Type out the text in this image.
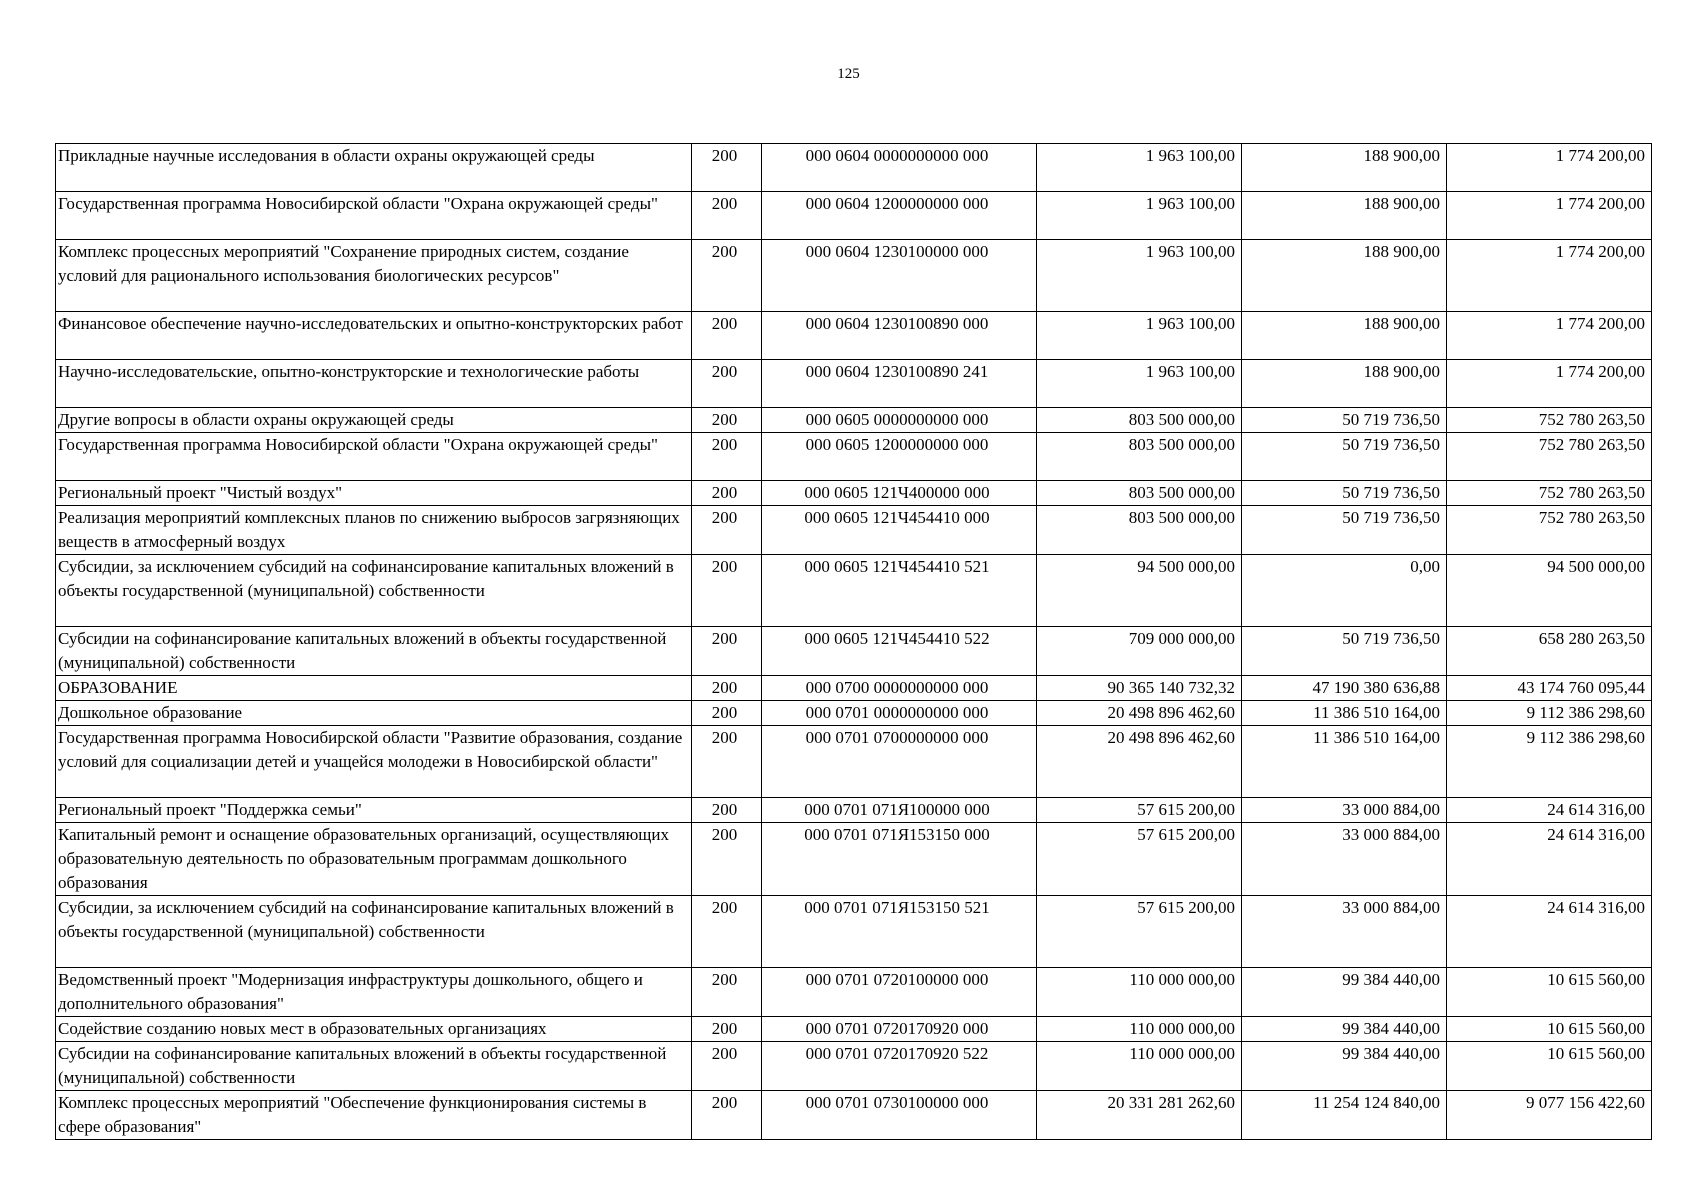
125
Прикладные научные исследования в области охраны окружающей среды	200	000 0604 0000000000 000	1 963 100,00	188 900,00	1 774 200,00
Государственная программа Новосибирской области "Охрана окружающей среды"	200	000 0604 1200000000 000	1 963 100,00	188 900,00	1 774 200,00
Комплекс процессных мероприятий "Сохранение природных систем, создание условий для рационального использования биологических ресурсов"	200	000 0604 1230100000 000	1 963 100,00	188 900,00	1 774 200,00
Финансовое обеспечение научно-исследовательских и опытно-конструкторских работ	200	000 0604 1230100890 000	1 963 100,00	188 900,00	1 774 200,00
Научно-исследовательские, опытно-конструкторские и технологические работы	200	000 0604 1230100890 241	1 963 100,00	188 900,00	1 774 200,00
Другие вопросы в области охраны окружающей среды	200	000 0605 0000000000 000	803 500 000,00	50 719 736,50	752 780 263,50
Государственная программа Новосибирской области "Охрана окружающей среды"	200	000 0605 1200000000 000	803 500 000,00	50 719 736,50	752 780 263,50
Региональный проект "Чистый воздух"	200	000 0605 121Ч400000 000	803 500 000,00	50 719 736,50	752 780 263,50
Реализация мероприятий комплексных планов по снижению выбросов загрязняющих веществ в атмосферный воздух	200	000 0605 121Ч454410 000	803 500 000,00	50 719 736,50	752 780 263,50
Субсидии, за исключением субсидий на софинансирование капитальных вложений в объекты государственной (муниципальной) собственности	200	000 0605 121Ч454410 521	94 500 000,00	0,00	94 500 000,00
Субсидии на софинансирование капитальных вложений в объекты государственной (муниципальной) собственности	200	000 0605 121Ч454410 522	709 000 000,00	50 719 736,50	658 280 263,50
ОБРАЗОВАНИЕ	200	000 0700 0000000000 000	90 365 140 732,32	47 190 380 636,88	43 174 760 095,44
Дошкольное образование	200	000 0701 0000000000 000	20 498 896 462,60	11 386 510 164,00	9 112 386 298,60
Государственная программа Новосибирской области "Развитие образования, создание условий для социализации детей и учащейся молодежи в Новосибирской области"	200	000 0701 0700000000 000	20 498 896 462,60	11 386 510 164,00	9 112 386 298,60
Региональный проект "Поддержка семьи"	200	000 0701 071Я100000 000	57 615 200,00	33 000 884,00	24 614 316,00
Капитальный ремонт и оснащение образовательных организаций, осуществляющих образовательную деятельность по образовательным программам дошкольного образования	200	000 0701 071Я153150 000	57 615 200,00	33 000 884,00	24 614 316,00
Субсидии, за исключением субсидий на софинансирование капитальных вложений в объекты государственной (муниципальной) собственности	200	000 0701 071Я153150 521	57 615 200,00	33 000 884,00	24 614 316,00
Ведомственный проект "Модернизация инфраструктуры дошкольного, общего и дополнительного образования"	200	000 0701 0720100000 000	110 000 000,00	99 384 440,00	10 615 560,00
Содействие созданию новых мест в образовательных организациях	200	000 0701 0720170920 000	110 000 000,00	99 384 440,00	10 615 560,00
Субсидии на софинансирование капитальных вложений в объекты государственной (муниципальной) собственности	200	000 0701 0720170920 522	110 000 000,00	99 384 440,00	10 615 560,00
Комплекс процессных мероприятий "Обеспечение функционирования системы в сфере образования"	200	000 0701 0730100000 000	20 331 281 262,60	11 254 124 840,00	9 077 156 422,60
